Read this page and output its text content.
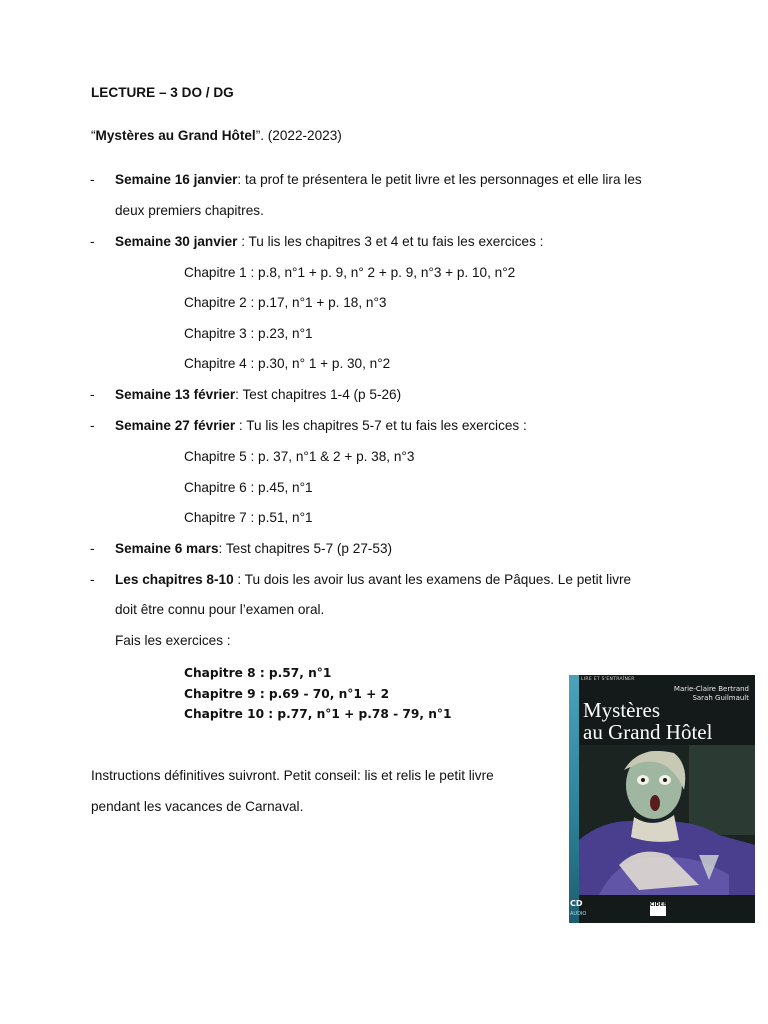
LECTURE – 3 DO / DG
“Mystères au Grand Hôtel”. (2022-2023)
- Semaine 16 janvier: ta prof te présentera le petit livre et les personnages et elle lira les
deux premiers chapitres.
- Semaine 30 janvier : Tu lis les chapitres 3 et 4 et tu fais les exercices :
Chapitre 1 : p.8, n°1 + p. 9, n° 2 + p. 9, n°3 + p. 10, n°2
Chapitre 2 : p.17, n°1 + p. 18, n°3
Chapitre 3 : p.23, n°1
Chapitre 4 : p.30, n° 1 + p. 30, n°2
- Semaine 13 février: Test chapitres 1-4 (p 5-26)
- Semaine 27 février : Tu lis les chapitres 5-7 et tu fais les exercices :
Chapitre 5 : p. 37, n°1 & 2 + p. 38, n°3
Chapitre 6 : p.45, n°1
Chapitre 7 : p.51, n°1
- Semaine 6 mars: Test chapitres 5-7 (p 27-53)
- Les chapitres 8-10 : Tu dois les avoir lus avant les examens de Pâques. Le petit livre
doit être connu pour l’examen oral.
Fais les exercices :
Chapitre 8 : p.57, n°1
Chapitre 9 : p.69 - 70, n°1 + 2
Chapitre 10 : p.77, n°1 + p.78 - 79, n°1
Instructions définitives suivront. Petit conseil: lis et relis le petit livre
pendant les vacances de Carnaval.
LIRE ET S'ENTRAÎNER
Marie-Claire Bertrand
Sarah Guilmault
Mystères
au Grand Hôtel
CD
AUDIO
CIDEB
